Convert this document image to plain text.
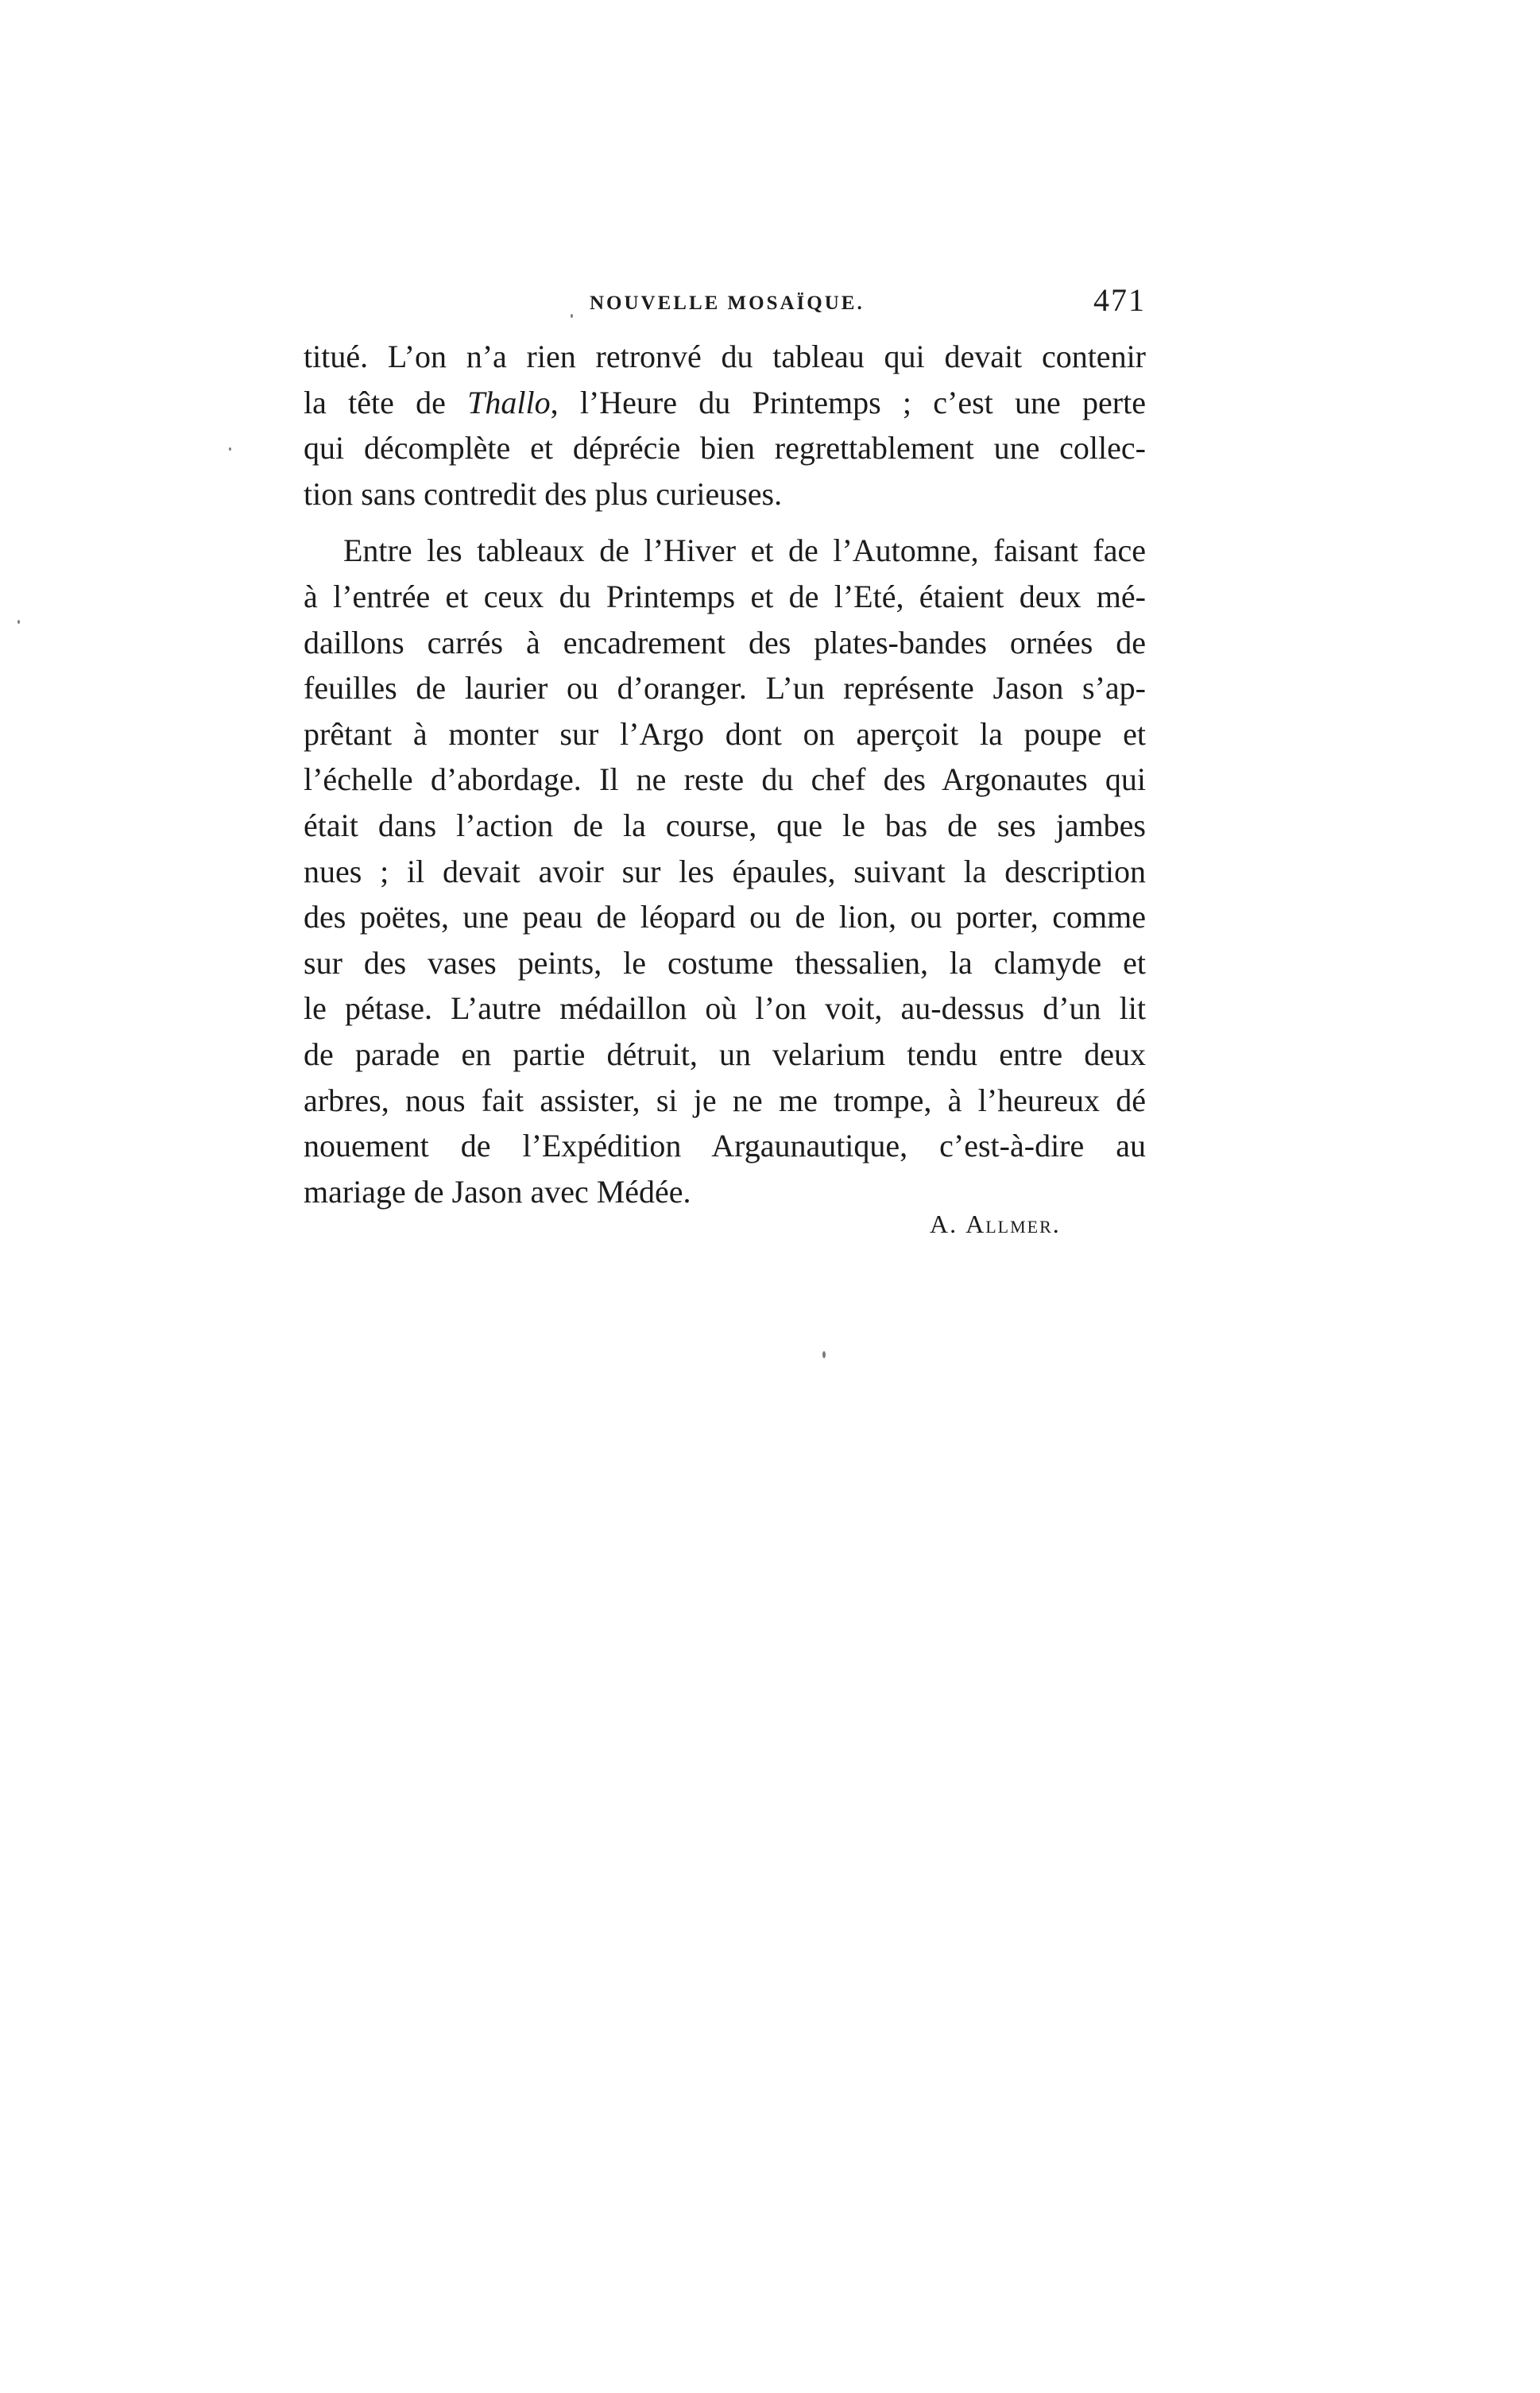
NOUVELLE MOSAÏQUE.	471
titué. L’on n’a rien retronvé du tableau qui devait contenir
la tête de Thallo, l’Heure du Printemps ; c’est une perte
qui décomplète et déprécie bien regrettablement une collec-
tion sans contredit des plus curieuses.
Entre les tableaux de l’Hiver et de l’Automne, faisant face
à l’entrée et ceux du Printemps et de l’Eté, étaient deux mé-
daillons carrés à encadrement des plates-bandes ornées de
feuilles de laurier ou d’oranger. L’un représente Jason s’ap-
prêtant à monter sur l’Argo dont on aperçoit la poupe et
l’échelle d’abordage. Il ne reste du chef des Argonautes qui
était dans l’action de la course, que le bas de ses jambes
nues ; il devait avoir sur les épaules, suivant la description
des poëtes, une peau de léopard ou de lion, ou porter, comme
sur des vases peints, le costume thessalien, la clamyde et
le pétase. L’autre médaillon où l’on voit, au-dessus d’un lit
de parade en partie détruit, un velarium tendu entre deux
arbres, nous fait assister, si je ne me trompe, à l’heureux dé
nouement de l’Expédition Argaunautique, c’est-à-dire au
mariage de Jason avec Médée.
A. Allmer.
